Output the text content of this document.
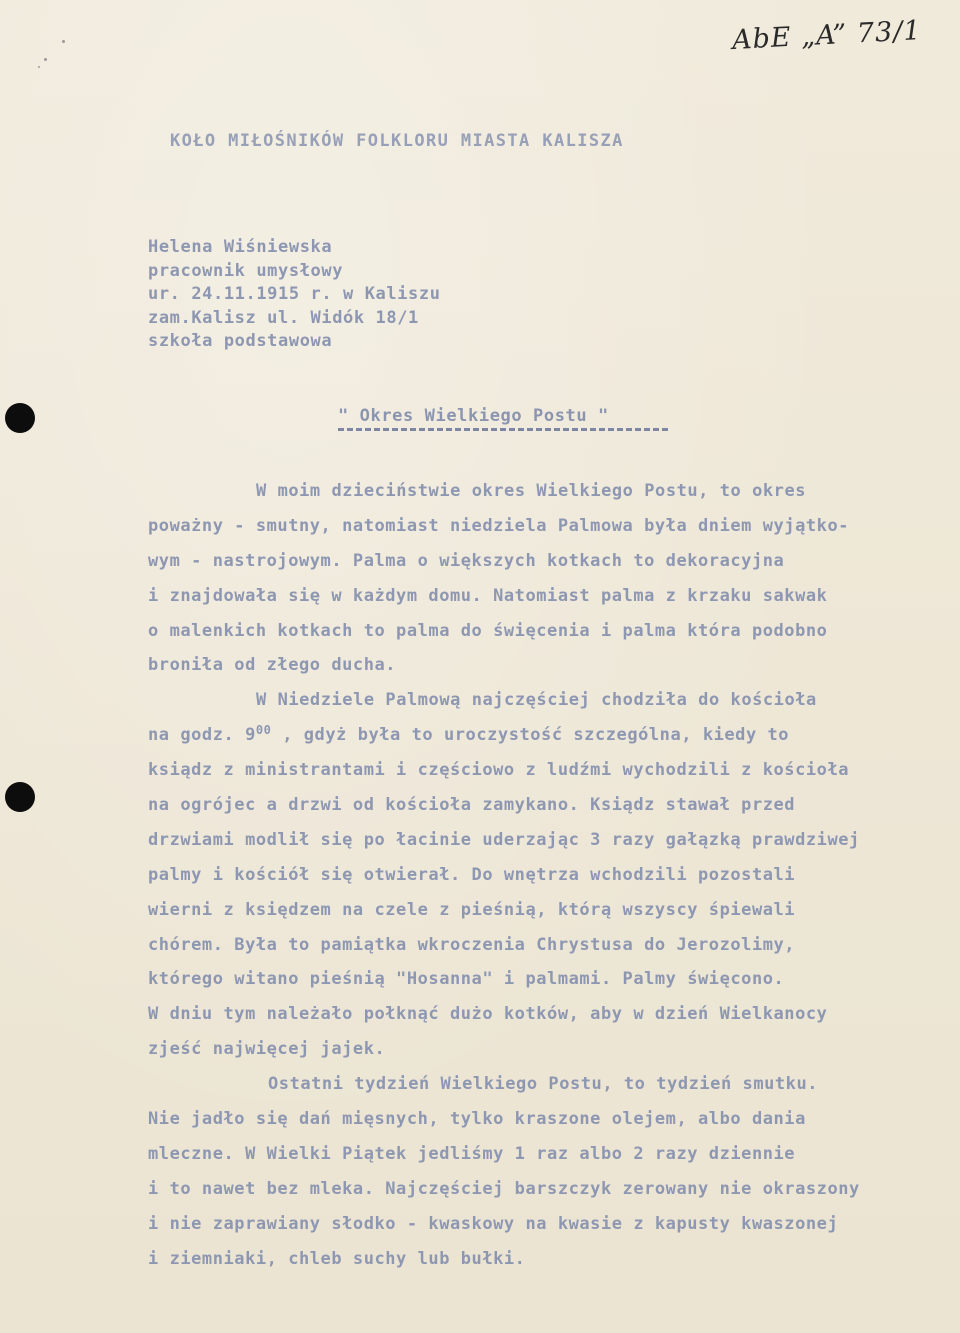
AbE „A” 73/1
KOŁO MIŁOŚNIKÓW FOLKLORU MIASTA KALISZA
Helena Wiśniewska
pracownik umysłowy
ur. 24.11.1915 r. w Kaliszu
zam.Kalisz ul. Widók 18/1
szkoła podstawowa
" Okres Wielkiego Postu "
W moim dzieciństwie okres Wielkiego Postu, to okres
poważny - smutny, natomiast niedziela Palmowa była dniem wyjątko-
wym - nastrojowym. Palma o większych kotkach to dekoracyjna
i znajdowała się w każdym domu. Natomiast palma z krzaku sakwak
o malenkich kotkach to palma do święcenia i palma która podobno
broniła od złego ducha.
W Niedziele Palmową najczęściej chodziła do kościoła
na godz. $9^{00}$ , gdyż była to uroczystość szczególna, kiedy to
ksiądz z ministrantami i częściowo z ludźmi wychodzili z kościoła
na ogrójec a drzwi od kościoła zamykano. Ksiądz stawał przed
drzwiami modlił się po łacinie uderzając 3 razy gałązką prawdziwej
palmy i kościół się otwierał. Do wnętrza wchodzili pozostali
wierni z księdzem na czele z pieśnią, którą wszyscy śpiewali
chórem. Była to pamiątka wkroczenia Chrystusa do Jerozolimy,
którego witano pieśnią "Hosanna" i palmami. Palmy święcono.
W dniu tym należało połknąć dużo kotków, aby w dzień Wielkanocy
zjeść najwięcej jajek.
Ostatni tydzień Wielkiego Postu, to tydzień smutku.
Nie jadło się dań mięsnych, tylko kraszone olejem, albo dania
mleczne. W Wielki Piątek jedliśmy 1 raz albo 2 razy dziennie
i to nawet bez mleka. Najczęściej barszczyk zerowany nie okraszony
i nie zaprawiany słodko - kwaskowy na kwasie z kapusty kwaszonej
i ziemniaki, chleb suchy lub bułki.
